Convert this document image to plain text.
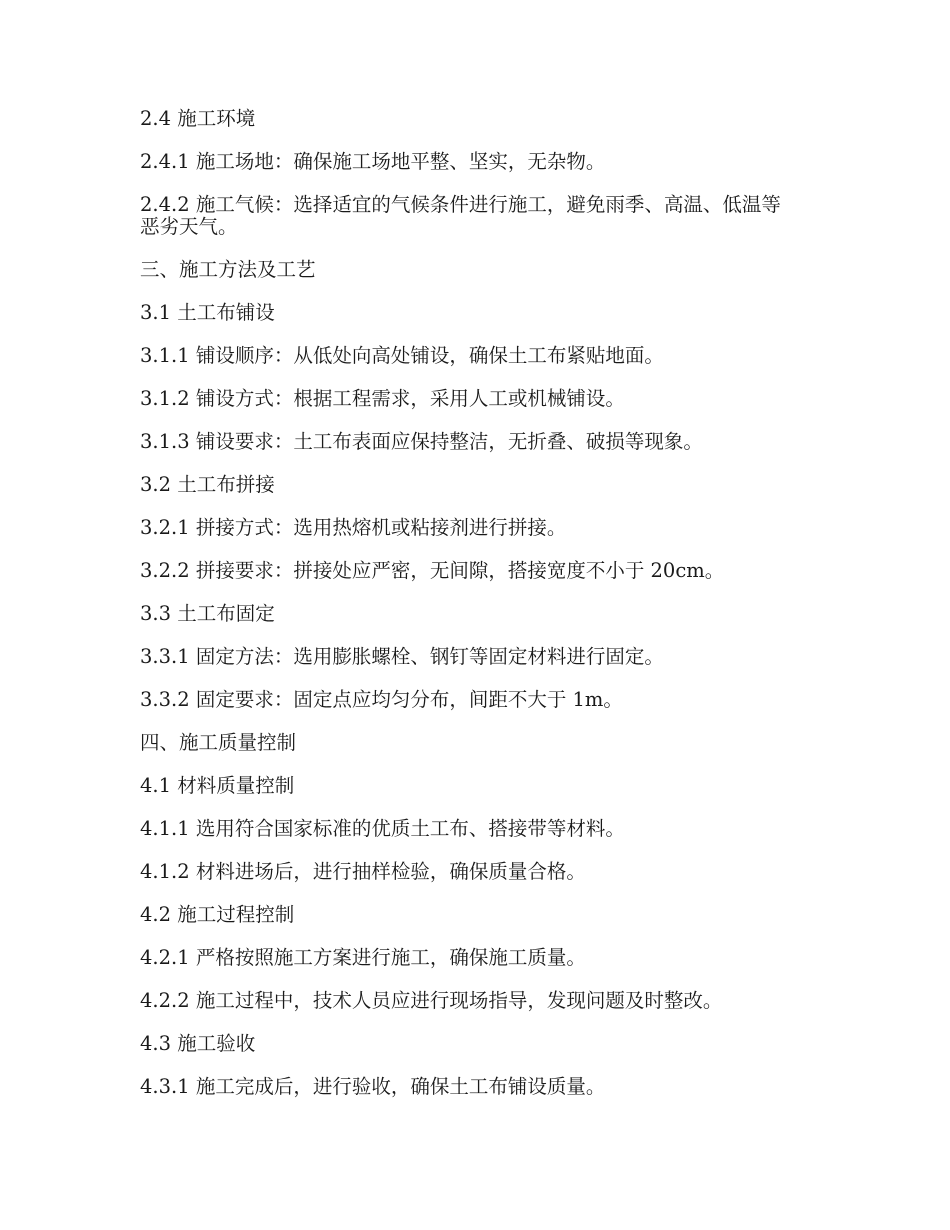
2.4 施工环境

2.4.1 施工场地：确保施工场地平整、坚实，无杂物。

2.4.2 施工气候：选择适宜的气候条件进行施工，避免雨季、高温、低温等恶劣天气。

三、施工方法及工艺

3.1 土工布铺设

3.1.1 铺设顺序：从低处向高处铺设，确保土工布紧贴地面。

3.1.2 铺设方式：根据工程需求，采用人工或机械铺设。

3.1.3 铺设要求：土工布表面应保持整洁，无折叠、破损等现象。

3.2 土工布拼接

3.2.1 拼接方式：选用热熔机或粘接剂进行拼接。

3.2.2 拼接要求：拼接处应严密，无间隙，搭接宽度不小于 20cm。

3.3 土工布固定

3.3.1 固定方法：选用膨胀螺栓、钢钉等固定材料进行固定。

3.3.2 固定要求：固定点应均匀分布，间距不大于 1m。

四、施工质量控制

4.1 材料质量控制

4.1.1 选用符合国家标准的优质土工布、搭接带等材料。

4.1.2 材料进场后，进行抽样检验，确保质量合格。

4.2 施工过程控制

4.2.1 严格按照施工方案进行施工，确保施工质量。

4.2.2 施工过程中，技术人员应进行现场指导，发现问题及时整改。

4.3 施工验收

4.3.1 施工完成后，进行验收，确保土工布铺设质量。
